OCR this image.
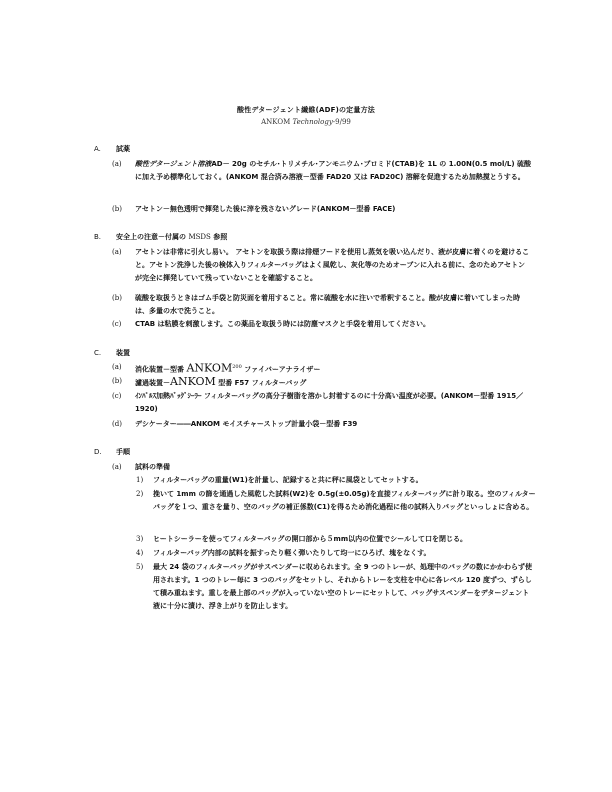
酸性デタージェント繊維(ADF)の定量方法
ANKOM Technology-9/99
A. 試薬
(a) 酸性デタージェント溶液AD－ 20g のセチル･トリメチル･アンモニウム･ブロミド(CTAB)を 1L の 1.00N(0.5 mol/L) 硫酸に加え予め標準化しておく。(ANKOM 混合済み溶液－型番 FAD20 又は FAD20C) 溶解を促進するため加熱撹とうする。
(b) アセトン－無色透明で揮発した後に滓を残さないグレード(ANKOM－型番 FACE)
B. 安全上の注意－付属の MSDS 参照
(a) アセトンは非常に引火し易い。 アセトンを取扱う際は排煙フードを使用し蒸気を吸い込んだり、液が皮膚に着くのを避けること。アセトン洗浄した後の検体入りフィルターバッグはよく風乾し、灰化等のためオーブンに入れる前に、念のためアセトンが完全に揮発していて残っていないことを確認すること。
(b) 硫酸を取扱うときはゴム手袋と防災面を着用すること。常に硫酸を水に注いで希釈すること。酸が皮膚に着いてしまった時は、多量の水で洗うこと。
(c) CTAB は粘膜を刺激します。この薬品を取扱う時には防塵マスクと手袋を着用してください。
C. 装置
(a) 消化装置－型番 ANKOM$^{200}$ ファイバーアナライザー
(b) 濾過装置－ANKOM 型番 F57 フィルターバッグ
(c) ｲﾝﾊﾟﾙｽ加熱ﾊﾞｯｸﾞｼｰﾗｰ フィルターバッグの高分子樹脂を溶かし封着するのに十分高い温度が必要。(ANKOM－型番 1915／1920)
(d) デシケーター――ANKOM モイスチャーストップ計量小袋－型番 F39
D. 手順
(a) 試料の準備
1) フィルターバッグの重量(W1)を計量し、記録すると共に秤に風袋としてセットする。
2) 挽いて 1mm の篩を通過した風乾した試料(W2)を 0.5g(±0.05g)を直接フィルターバッグに計り取る。空のフィルターバッグを１つ、重さを量り、空のバッグの補正係数(C1)を得るため消化過程に他の試料入りバッグといっしょに含める。
3) ヒートシーラーを使ってフィルターバッグの開口部から５mm以内の位置でシールして口を閉じる。
4) フィルターバッグ内部の試料を振すったり軽く弾いたりして均一にひろげ、塊をなくす。
5) 最大 24 袋のフィルターバッグがサスペンダーに収められます。全 9 つのトレーが、処理中のバッグの数にかかわらず使用されます。1 つのトレー毎に 3 つのバッグをセットし、それからトレーを支柱を中心に各レベル 120 度ずつ、ずらして積み重ねます。重しを最上部のバッグが入っていない空のトレーにセットして、バッグサスペンダーをデタージェント液に十分に漬け、浮き上がりを防止します。
